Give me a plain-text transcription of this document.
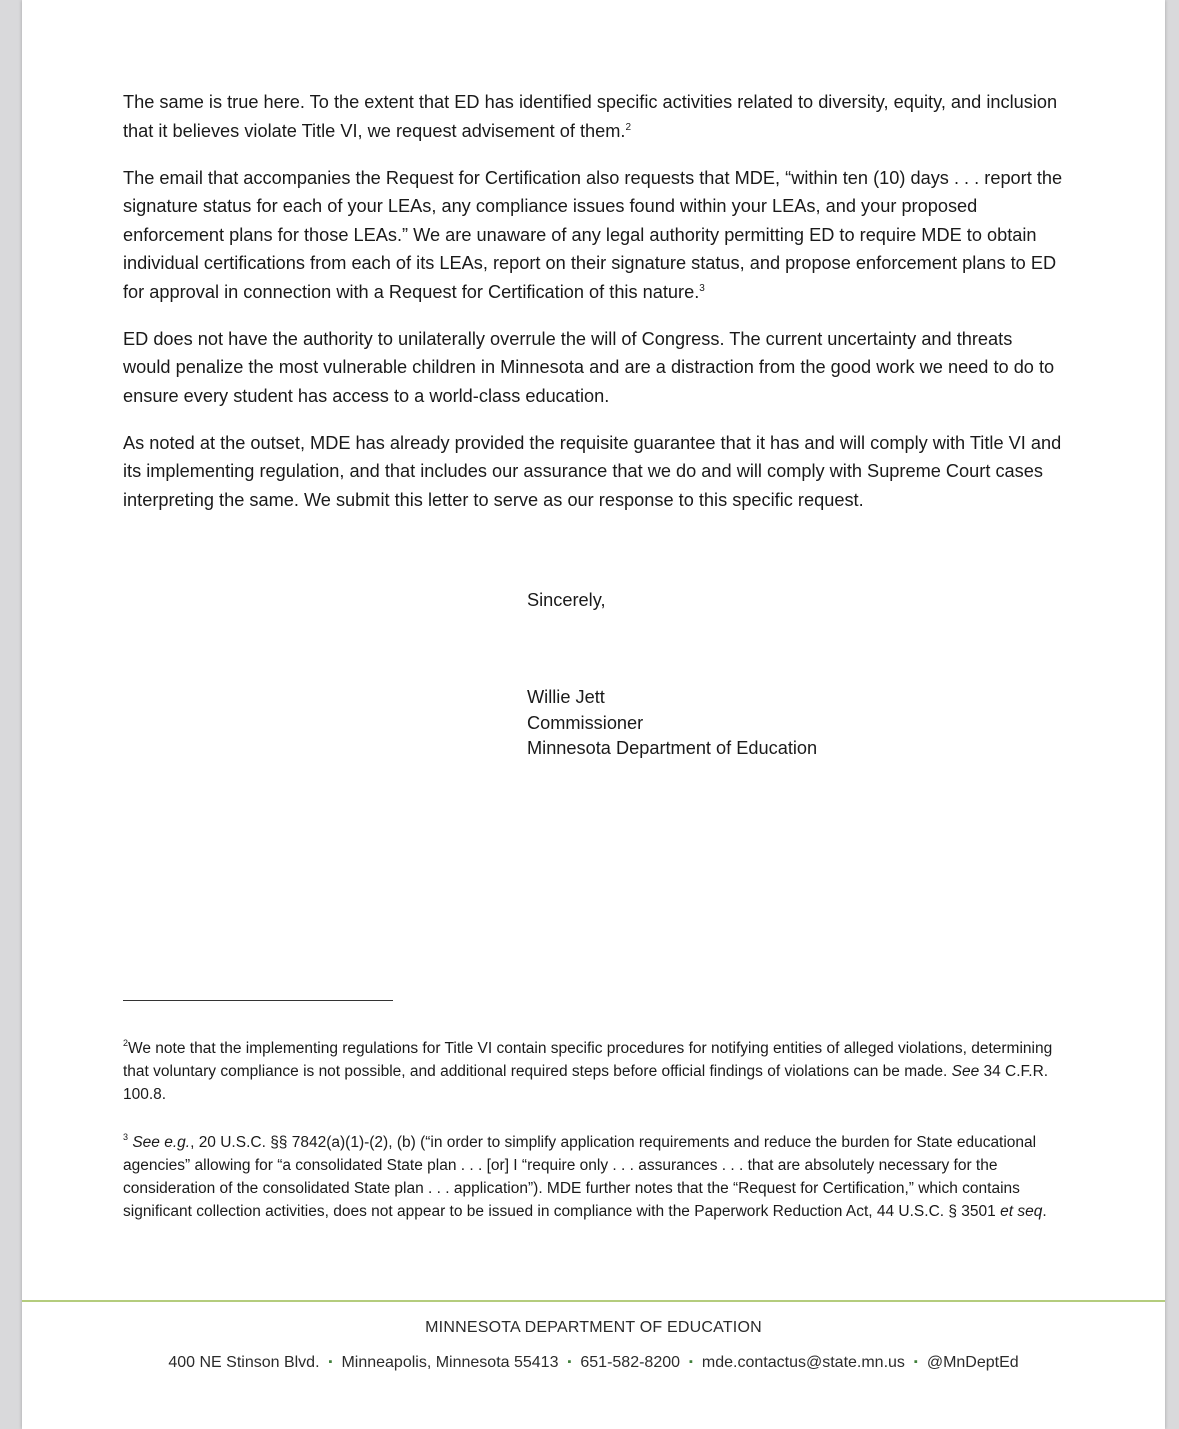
The same is true here. To the extent that ED has identified specific activities related to diversity, equity, and inclusion that it believes violate Title VI, we request advisement of them.$^2$

The email that accompanies the Request for Certification also requests that MDE, “within ten (10) days . . . report the signature status for each of your LEAs, any compliance issues found within your LEAs, and your proposed enforcement plans for those LEAs.” We are unaware of any legal authority permitting ED to require MDE to obtain individual certifications from each of its LEAs, report on their signature status, and propose enforcement plans to ED for approval in connection with a Request for Certification of this nature.$^3$

ED does not have the authority to unilaterally overrule the will of Congress. The current uncertainty and threats would penalize the most vulnerable children in Minnesota and are a distraction from the good work we need to do to ensure every student has access to a world-class education.

As noted at the outset, MDE has already provided the requisite guarantee that it has and will comply with Title VI and its implementing regulation, and that includes our assurance that we do and will comply with Supreme Court cases interpreting the same. We submit this letter to serve as our response to this specific request.

Sincerely,
Willie Jett
Commissioner
Minnesota Department of Education
$^2$We note that the implementing regulations for Title VI contain specific procedures for notifying entities of alleged violations, determining that voluntary compliance is not possible, and additional required steps before official findings of violations can be made. See 34 C.F.R. 100.8.
$^3$ See e.g., 20 U.S.C. §§ 7842(a)(1)-(2), (b) (“in order to simplify application requirements and reduce the burden for State educational agencies” allowing for “a consolidated State plan . . . [or] I “require only . . . assurances . . . that are absolutely necessary for the consideration of the consolidated State plan . . . application”). MDE further notes that the “Request for Certification,” which contains significant collection activities, does not appear to be issued in compliance with the Paperwork Reduction Act, 44 U.S.C. § 3501 et seq.
MINNESOTA DEPARTMENT OF EDUCATION
400 NE Stinson Blvd. ▪ Minneapolis, Minnesota 55413 ▪ 651-582-8200 ▪ mde.contactus@state.mn.us ▪ @MnDeptEd
